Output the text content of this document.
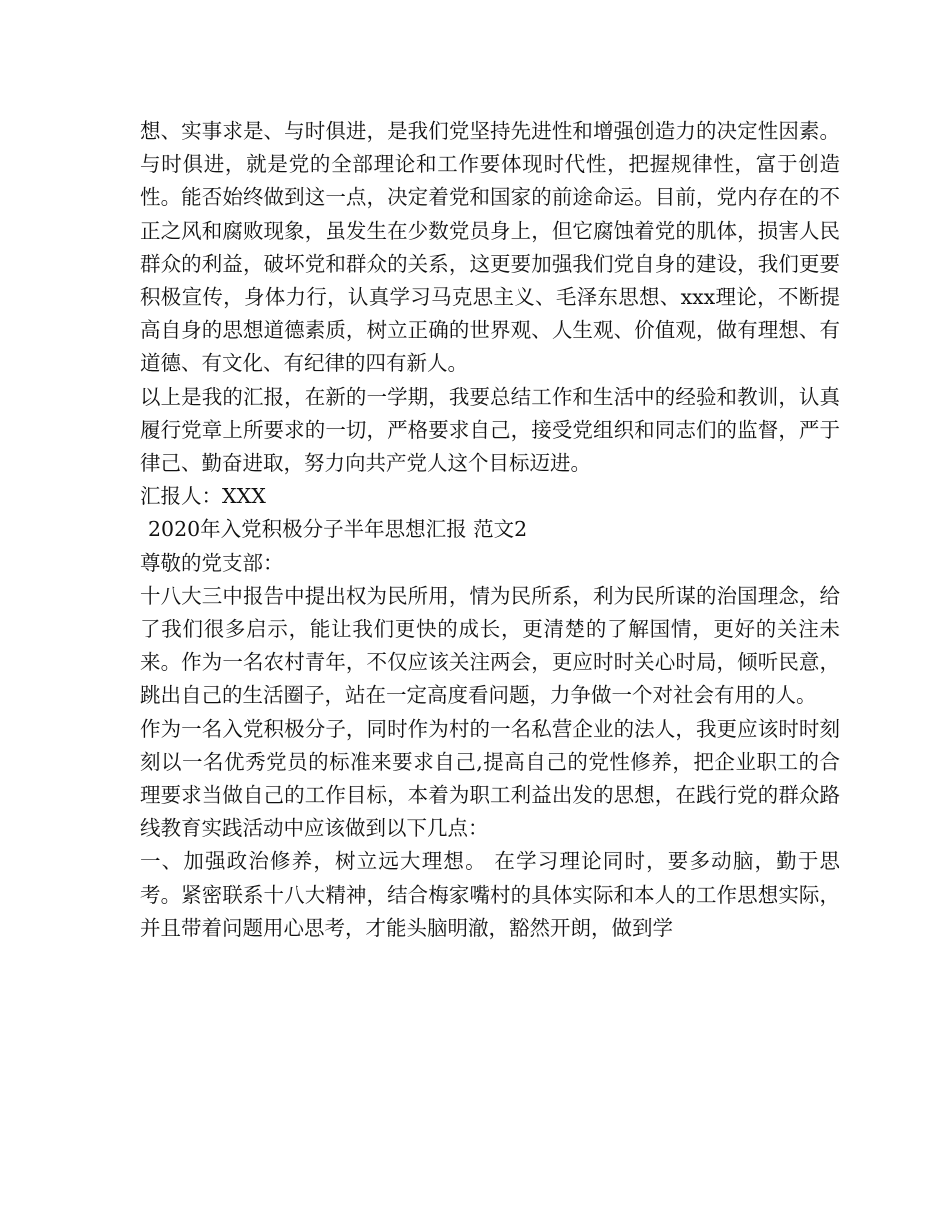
想、实事求是、与时俱进，是我们党坚持先进性和增强创造力的决定性因素。与时俱进，就是党的全部理论和工作要体现时代性，把握规律性，富于创造性。能否始终做到这一点，决定着党和国家的前途命运。目前，党内存在的不正之风和腐败现象，虽发生在少数党员身上，但它腐蚀着党的肌体，损害人民群众的利益，破坏党和群众的关系，这更要加强我们党自身的建设，我们更要积极宣传，身体力行，认真学习马克思主义、毛泽东思想、xxx理论，不断提高自身的思想道德素质，树立正确的世界观、人生观、价值观，做有理想、有道德、有文化、有纪律的四有新人。

以上是我的汇报，在新的一学期，我要总结工作和生活中的经验和教训，认真履行党章上所要求的一切，严格要求自己，接受党组织和同志们的监督，严于律己、勤奋进取，努力向共产党人这个目标迈进。

汇报人：XXX

2020年入党积极分子半年思想汇报 范文2

尊敬的党支部：

十八大三中报告中提出权为民所用，情为民所系，利为民所谋的治国理念，给了我们很多启示，能让我们更快的成长，更清楚的了解国情，更好的关注未来。作为一名农村青年，不仅应该关注两会，更应时时关心时局，倾听民意，跳出自己的生活圈子，站在一定高度看问题，力争做一个对社会有用的人。

作为一名入党积极分子，同时作为村的一名私营企业的法人，我更应该时时刻刻以一名优秀党员的标准来要求自己,提高自己的党性修养，把企业职工的合理要求当做自己的工作目标，本着为职工利益出发的思想，在践行党的群众路线教育实践活动中应该做到以下几点：

一、加强政治修养，树立远大理想。 在学习理论同时，要多动脑，勤于思考。紧密联系十八大精神，结合梅家嘴村的具体实际和本人的工作思想实际，并且带着问题用心思考，才能头脑明澈，豁然开朗，做到学
